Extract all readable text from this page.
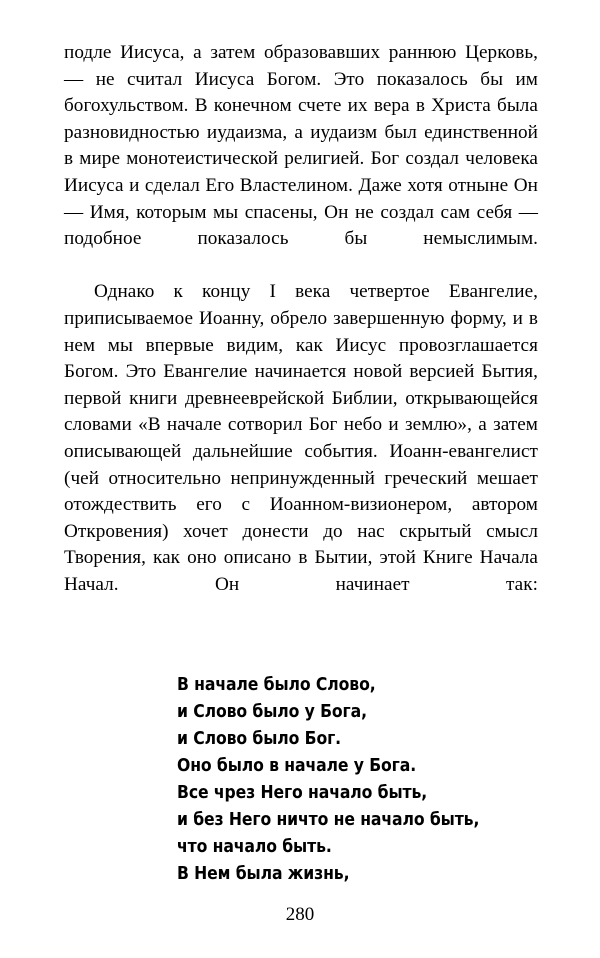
подле Иисуса, а затем образовавших раннюю Церковь, — не считал Иисуса Богом. Это показалось бы им богохульством. В конечном счете их вера в Христа была разновидностью иудаизма, а иудаизм был единственной в мире монотеистической религией. Бог создал человека Иисуса и сделал Его Властелином. Даже хотя отныне Он — Имя, которым мы спасены, Он не создал сам себя — подобное показалось бы немыслимым.

Однако к концу I века четвертое Евангелие, приписываемое Иоанну, обрело завершенную форму, и в нем мы впервые видим, как Иисус провозглашается Богом. Это Евангелие начинается новой версией Бытия, первой книги древнееврейской Библии, открывающейся словами «В начале сотворил Бог небо и землю», а затем описывающей дальнейшие события. Иоанн-евангелист (чей относительно непринужденный греческий мешает отождествить его с Иоанном-визионером, автором Откровения) хочет донести до нас скрытый смысл Творения, как оно описано в Бытии, этой Книге Начала Начал. Он начинает так:

В начале было Слово,

и Слово было у Бога,

и Слово было Бог.

Оно было в начале у Бога.

Все чрез Него начало быть,

и без Него ничто не начало быть,

что начало быть.

В Нем была жизнь,

280
